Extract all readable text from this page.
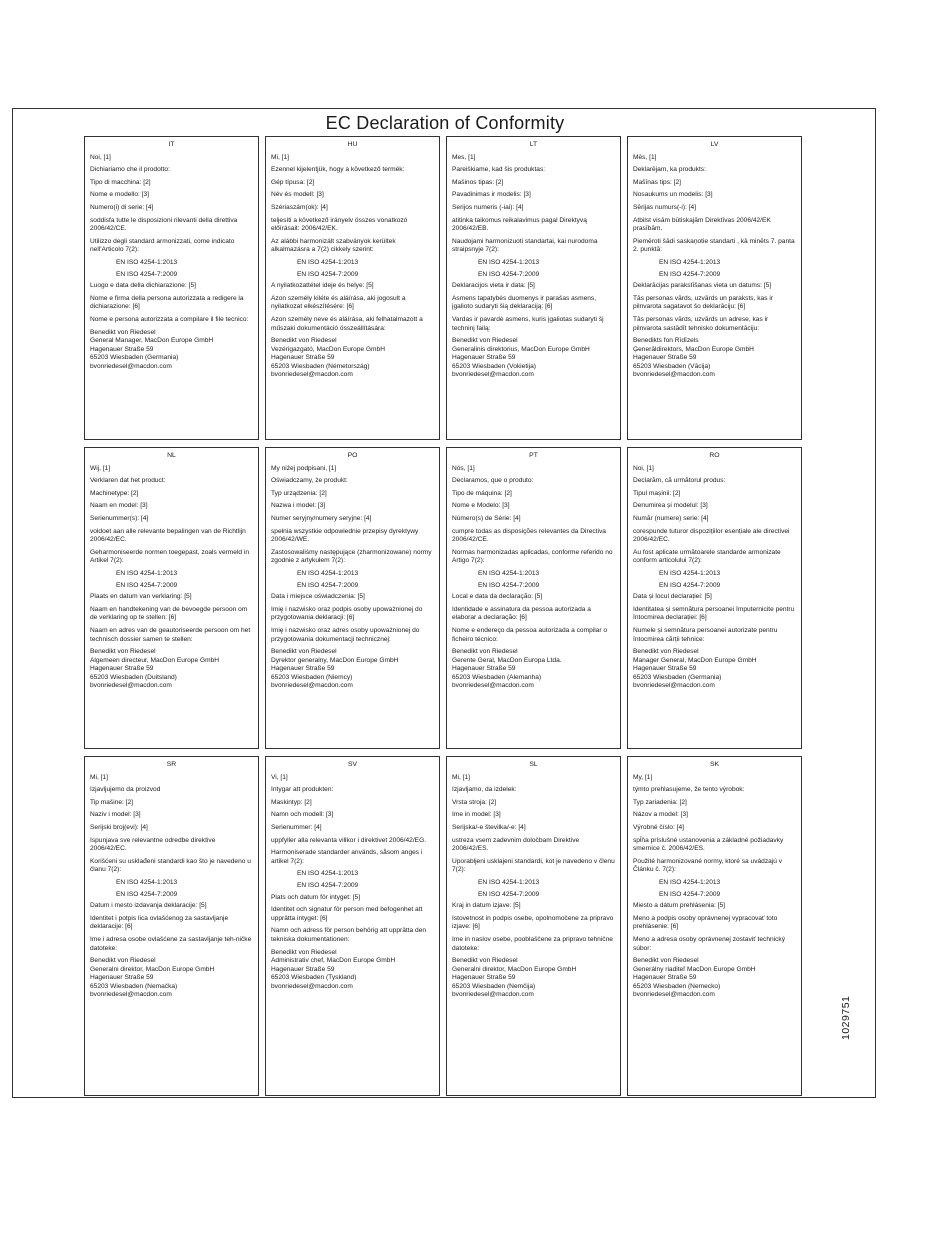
EC Declaration of Conformity
IT
Noi, [1]
Dichiariamo che il prodotto:
Tipo di macchina: [2]
Nome e modello: [3]
Numero(i) di serie: [4]
soddisfa tutte le disposizioni rilevanti della direttiva 2006/42/CE.
Utilizzo degli standard armonizzati, come indicato nell'Articolo 7(2):
EN ISO 4254-1:2013
EN ISO 4254-7:2009
Luogo e data della dichiarazione: [5]
Nome e firma della persona autorizzata a redigere la dichiarazione: [6]
Nome e persona autorizzata a compilare il file tecnico:
Benedikt von Riedesel
General Manager, MacDon Europe GmbH
Hagenauer Straße 59
65203 Wiesbaden (Germania)
bvonriedesel@macdon.com
HU
Mi, [1]
Ezennel kijelentjük, hogy a következő termék:
Gép típusa: [2]
Név és modell: [3]
Szériaszám(ok): [4]
teljesíti a következő irányelv összes vonatkozó előírásait: 2006/42/EK.
Az alábbi harmonizált szabványok kerültek alkalmazásra a 7(2) cikkely szerint:
EN ISO 4254-1:2013
EN ISO 4254-7:2009
A nyilatkozattétel ideje és helye: [5]
Azon személy kiléte és aláírása, aki jogosult a nyilatkozat elkészítésére: [6]
Azon személy neve és aláírása, aki felhatalmazott a műszaki dokumentáció összeállítására:
Benedikt von Riedesel
Vezérigazgató, MacDon Europe GmbH
Hagenauer Straße 59
65203 Wiesbaden (Németország)
bvonriedesel@macdon.com
LT
Mes, [1]
Pareiškiame, kad šis produktas:
Mašinos tipas: [2]
Pavadinimas ir modelis: [3]
Serijos numeris (-iai): [4]
atitinka taikomus reikalavimus pagal Direktyvą 2006/42/EB.
Naudojami harmonizuoti standartai, kai nurodoma straipsnyje 7(2):
EN ISO 4254-1:2013
EN ISO 4254-7:2009
Deklaracijos vieta ir data: [5]
Asmens tapatybės duomenys ir parašas asmens, įgalioto sudaryti šią deklaraciją: [6]
Vardas ir pavardė asmens, kuris įgaliotas sudaryti šį techninį failą:
Benedikt von Riedesel
Generalinis direktorius, MacDon Europe GmbH
Hagenauer Straße 59
65203 Wiesbaden (Vokietija)
bvonriedesel@macdon.com
LV
Mēs, [1]
Deklarējam, ka produkts:
Mašīnas tips: [2]
Nosaukums un modelis: [3]
Sērijas numurs(-i): [4]
Atbilst visām būtiskajām Direktīvas 2006/42/EK prasībām.
Piemēroti šādi saskaņotie standarti , kā minēts 7. panta 2. punktā:
EN ISO 4254-1:2013
EN ISO 4254-7:2009
Deklarācijas parakstīšanas vieta un datums: [5]
Tās personas vārds, uzvārds un paraksts, kas ir pilnvarota sagatavot šo deklarāciju: [6]
Tās personas vārds, uzvārds un adrese, kas ir pilnvarota sastādīt tehnisko dokumentāciju:
Benedikts fon Rīdīzels
Ģenerāldirektors, MacDon Europe GmbH
Hagenauer Straße 59
65203 Wiesbaden (Vācija)
bvonriedesel@macdon.com
NL
Wij, [1]
Verklaren dat het product:
Machinetype: [2]
Naam en model: [3]
Serienummer(s): [4]
voldoet aan alle relevante bepalingen van de Richtlijn 2006/42/EC.
Geharmoniseerde normen toegepast, zoals vermeld in Artikel 7(2):
EN ISO 4254-1:2013
EN ISO 4254-7:2009
Plaats en datum van verklaring: [5]
Naam en handtekening van de bevoegde persoon om de verklaring op te stellen: [6]
Naam en adres van de geautoriseerde persoon om het technisch dossier samen te stellen:
Benedikt von Riedesel
Algemeen directeur, MacDon Europe GmbH
Hagenauer Straße 59
65203 Wiesbaden (Duitsland)
bvonriedesel@macdon.com
PO
My niżej podpisani, [1]
Oświadczamy, że produkt:
Typ urządzenia: [2]
Nazwa i model: [3]
Numer seryjny/numery seryjne: [4]
spełnia wszystkie odpowiednie przepisy dyrektywy 2006/42/WE.
Zastosowaliśmy następujące (zharmonizowane) normy zgodnie z artykułem 7(2):
EN ISO 4254-1:2013
EN ISO 4254-7:2009
Data i miejsce oświadczenia: [5]
Imię i nazwisko oraz podpis osoby upoważnionej do przygotowania deklaracji: [6]
Imię i nazwisko oraz adres osoby upoważnionej do przygotowania dokumentacji technicznej:
Benedikt von Riedesel
Dyrektor generalny, MacDon Europe GmbH
Hagenauer Straße 59
65203 Wiesbaden (Niemcy)
bvonriedesel@macdon.com
PT
Nós, [1]
Declaramos, que o produto:
Tipo de máquina: [2]
Nome e Modelo: [3]
Número(s) de Série: [4]
cumpre todas as disposições relevantes da Directiva 2006/42/CE.
Normas harmonizadas aplicadas, conforme referido no Artigo 7(2):
EN ISO 4254-1:2013
EN ISO 4254-7:2009
Local e data da declaração: [5]
Identidade e assinatura da pessoa autorizada a elaborar a declaração: [6]
Nome e endereço da pessoa autorizada a compilar o ficheiro técnico:
Benedikt von Riedesel
Gerente Geral, MacDon Europa Ltda.
Hagenauer Straße 59
65203 Wiesbaden (Alemanha)
bvonriedesel@macdon.com
RO
Noi, [1]
Declarăm, că următorul produs:
Tipul mașinii: [2]
Denumirea și modelul: [3]
Număr (numere) serie: [4]
corespunde tuturor dispozițiilor esențiale ale directivei 2006/42/EC.
Au fost aplicate următoarele standarde armonizate conform articolului 7(2):
EN ISO 4254-1:2013
EN ISO 4254-7:2009
Data și locul declarației: [5]
Identitatea și semnătura persoanei împuternicite pentru întocmirea declarației: [6]
Numele și semnătura persoanei autorizate pentru întocmirea cărții tehnice:
Benedikt von Riedesel
Manager General, MacDon Europe GmbH
Hagenauer Straße 59
65203 Wiesbaden (Germania)
bvonriedesel@macdon.com
SR
Mi, [1]
Izjavljujemo da proizvod
Tip mašine: [2]
Naziv i model: [3]
Serijski broj(evi): [4]
Ispunjava sve relevantne odredbe direktive 2006/42/EC.
Korišćeni su usklađeni standardi kao što je navedeno u članu 7(2):
EN ISO 4254-1:2013
EN ISO 4254-7:2009
Datum i mesto izdavanja deklaracije: [5]
Identitet i potpis lica ovlašćenog za sastavljanje deklaracije: [6]
Ime i adresa osobe ovlašćene za sastavljanje teh-ničke datoteke:
Benedikt von Riedesel
Generalni direktor, MacDon Europe GmbH
Hagenauer Straße 59
65203 Wiesbaden (Nemačka)
bvonriedesel@macdon.com
SV
Vi, [1]
Intygar att produkten:
Maskintyp: [2]
Namn och modell: [3]
Serienummer: [4]
uppfyller alla relevanta villkor i direktivet 2006/42/EG.
Harmoniserade standarder används, såsom anges i artikel 7(2):
EN ISO 4254-1:2013
EN ISO 4254-7:2009
Plats och datum för intyget: [5]
Identitet och signatur för person med befogenhet att upprätta intyget: [6]
Namn och adress för person behörig att upprätta den tekniska dokumentationen:
Benedikt von Riedesel
Administrativ chef, MacDon Europe GmbH
Hagenauer Straße 59
65203 Wiesbaden (Tyskland)
bvonriedesel@macdon.com
SL
Mi, [1]
Izjavljamo, da izdelek:
Vrsta stroja: [2]
Ime in model: [3]
Serijska/-e številka/-e: [4]
ustreza vsem zadevnim določbam Direktive 2006/42/ES.
Uporabljeni usklajeni standardi, kot je navedeno v členu 7(2):
EN ISO 4254-1:2013
EN ISO 4254-7:2009
Kraj in datum izjave: [5]
Istovetnost in podpis osebe, opolnomočene za pripravo izjave: [6]
Ime in naslov osebe, pooblaščene za pripravo tehnične datoteke:
Benedikt von Riedesel
Generalni direktor, MacDon Europe GmbH
Hagenauer Straße 59
65203 Wiesbaden (Nemčija)
bvonriedesel@macdon.com
SK
My, [1]
týmto prehlasujeme, že tento výrobok:
Typ zariadenia: [2]
Názov a model: [3]
Výrobné číslo: [4]
spĺňa príslušné ustanovenia a základné požiadavky smernice č. 2006/42/ES.
Použité harmonizované normy, ktoré sa uvádzajú v Článku č. 7(2):
EN ISO 4254-1:2013
EN ISO 4254-7:2009
Miesto a dátum prehlásenia: [5]
Meno a podpis osoby oprávnenej vypracovať toto prehlásenie: [6]
Meno a adresa osoby oprávnenej zostaviť technický súbor:
Benedikt von Riedesel
Generálny riaditeľ MacDon Europe GmbH
Hagenauer Straße 59
65203 Wiesbaden (Nemecko)
bvonriedesel@macdon.com
1029751
